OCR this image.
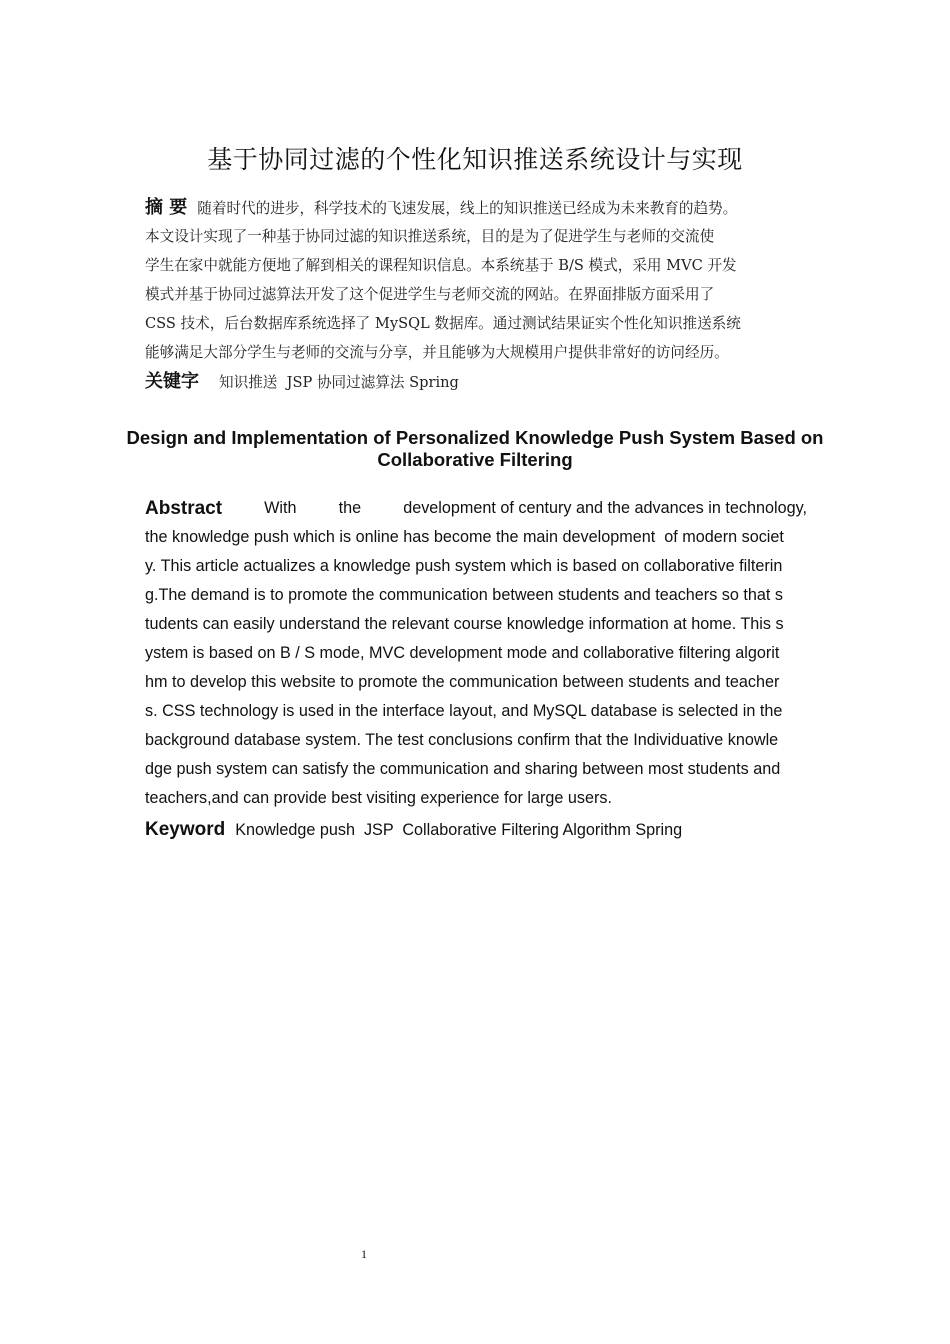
基于协同过滤的个性化知识推送系统设计与实现
摘 要 随着时代的进步，科学技术的飞速发展，线上的知识推送已经成为未来教育的趋势。
本文设计实现了一种基于协同过滤的知识推送系统，目的是为了促进学生与老师的交流使
学生在家中就能方便地了解到相关的课程知识信息。本系统基于 B/S 模式，采用 MVC 开发
模式并基于协同过滤算法开发了这个促进学生与老师交流的网站。在界面排版方面采用了
CSS 技术，后台数据库系统选择了 MySQL 数据库。通过测试结果证实个性化知识推送系统
能够满足大部分学生与老师的交流与分享，并且能够为大规模用户提供非常好的访问经历。
关键字 知识推送  JSP 协同过滤算法 Spring
Design and Implementation of Personalized Knowledge Push System Based on Collaborative Filtering
Abstract	With	the	development of century and the advances in technology,
the knowledge push which is online has become the main development  of modern societ
y. This article actualizes a knowledge push system which is based on collaborative filterin
g.The demand is to promote the communication between students and teachers so that s
tudents can easily understand the relevant course knowledge information at home. This s
ystem is based on B / S mode, MVC development mode and collaborative filtering algorit
hm to develop this website to promote the communication between students and teacher
s. CSS technology is used in the interface layout, and MySQL database is selected in the
background database system. The test conclusions confirm that the Individuative knowle
dge push system can satisfy the communication and sharing between most students and
teachers,and can provide best visiting experience for large users.
Keyword Knowledge push  JSP  Collaborative Filtering Algorithm Spring
1
